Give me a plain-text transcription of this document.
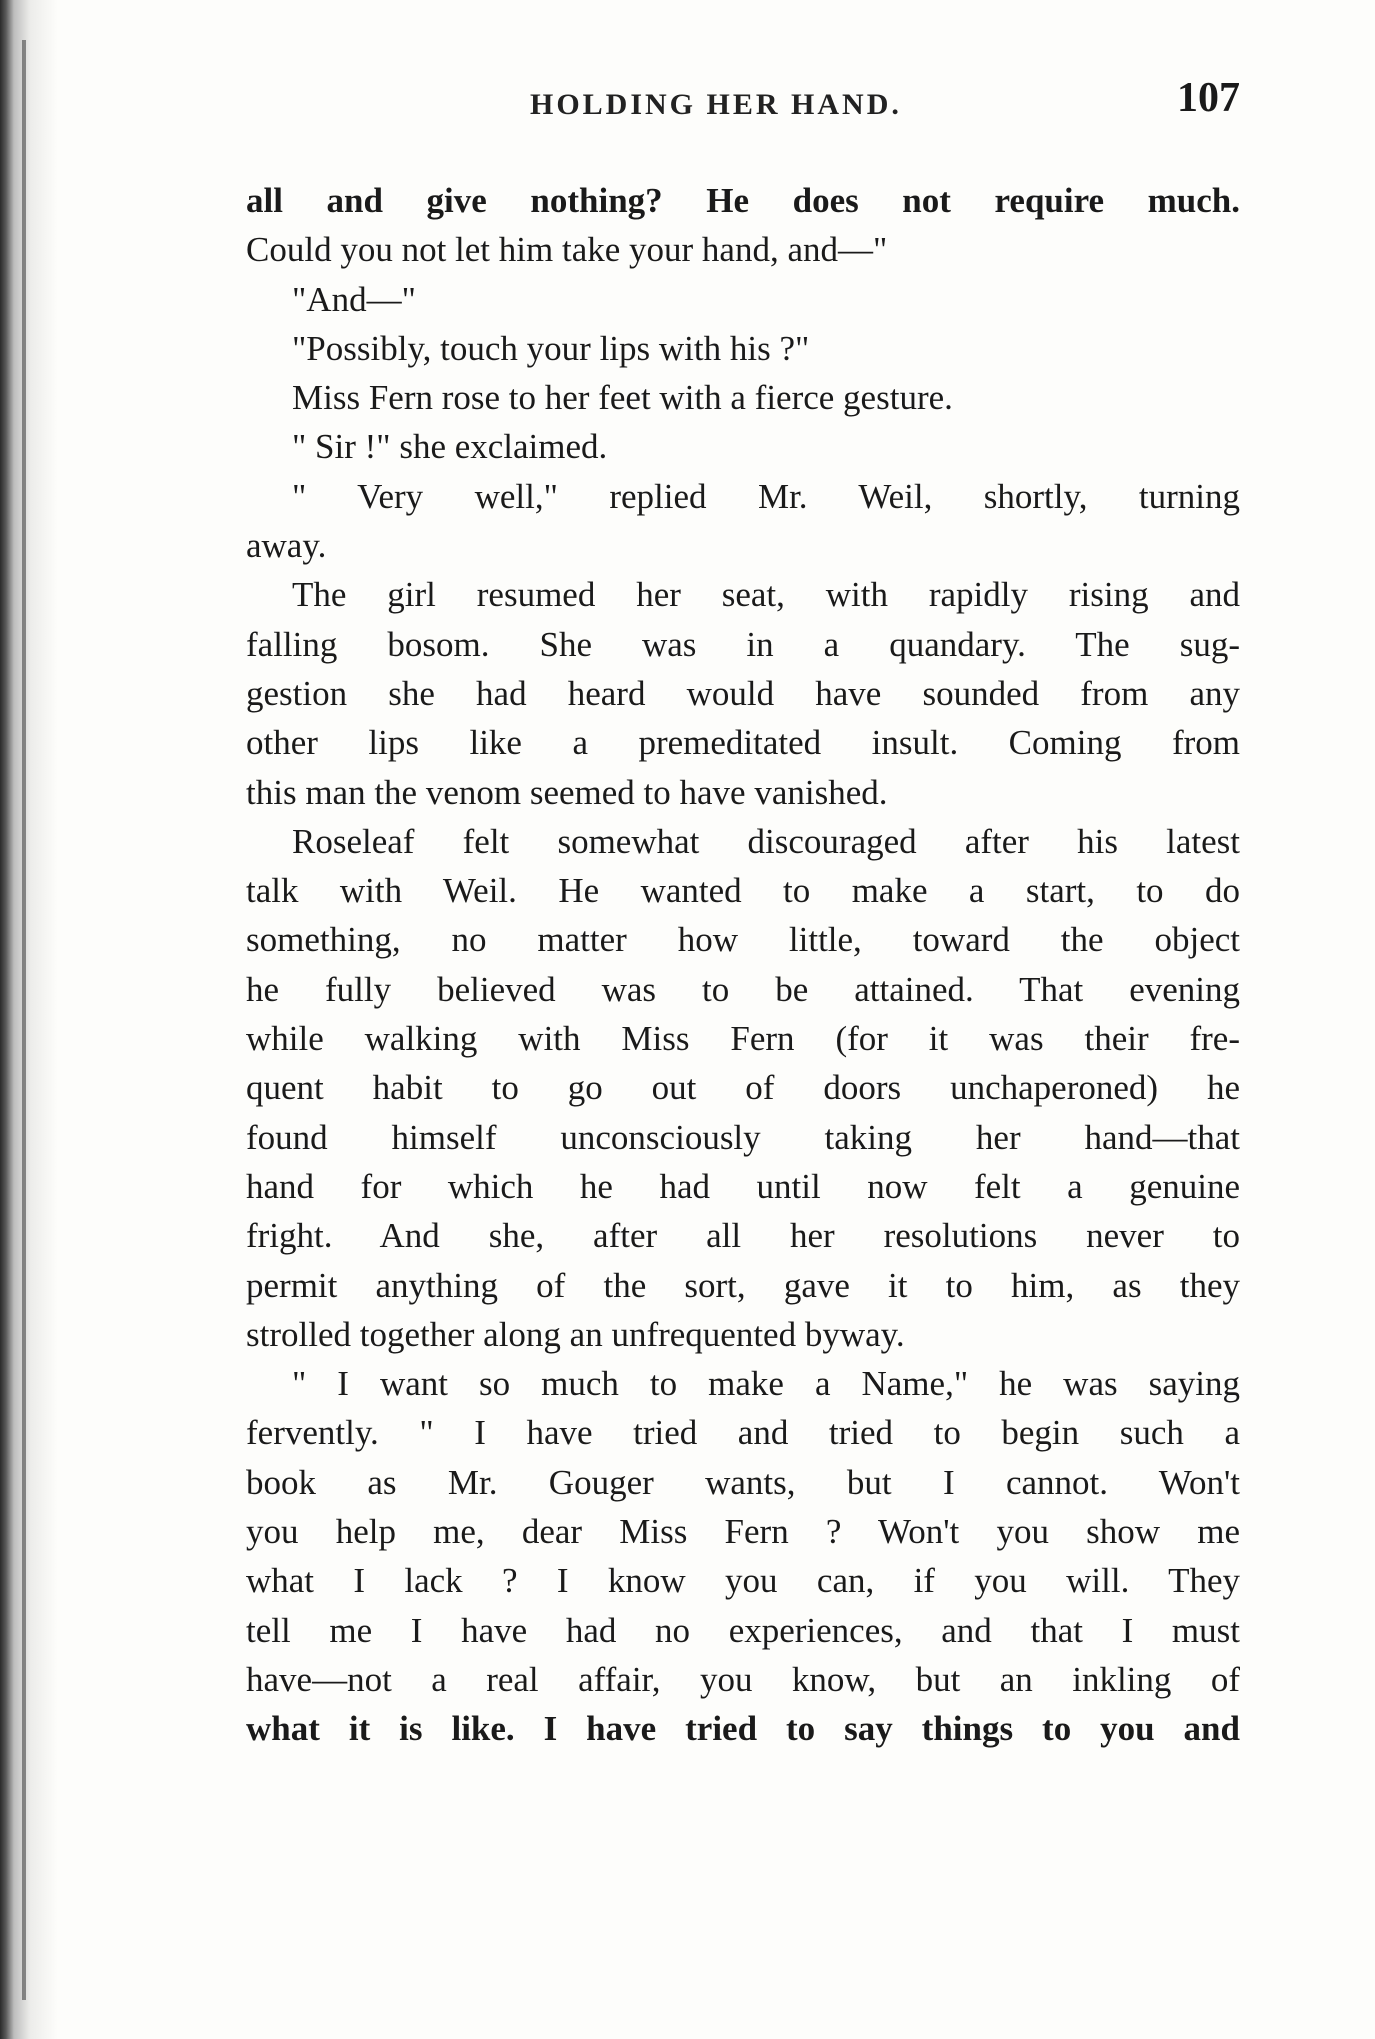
HOLDING HER HAND.	107
all and give nothing? He does not require much.
Could you not let him take your hand, and—"
"And—"
"Possibly, touch your lips with his ?"
Miss Fern rose to her feet with a fierce gesture.
" Sir !" she exclaimed.
" Very well," replied Mr. Weil, shortly, turning
away.
The girl resumed her seat, with rapidly rising and
falling bosom. She was in a quandary. The sug-
gestion she had heard would have sounded from any
other lips like a premeditated insult. Coming from
this man the venom seemed to have vanished.
Roseleaf felt somewhat discouraged after his latest
talk with Weil. He wanted to make a start, to do
something, no matter how little, toward the object
he fully believed was to be attained. That evening
while walking with Miss Fern (for it was their fre-
quent habit to go out of doors unchaperoned) he
found himself unconsciously taking her hand—that
hand for which he had until now felt a genuine
fright. And she, after all her resolutions never to
permit anything of the sort, gave it to him, as they
strolled together along an unfrequented byway.
" I want so much to make a Name," he was saying
fervently. " I have tried and tried to begin such a
book as Mr. Gouger wants, but I cannot. Won't
you help me, dear Miss Fern ? Won't you show me
what I lack ? I know you can, if you will. They
tell me I have had no experiences, and that I must
have—not a real affair, you know, but an inkling of
what it is like. I have tried to say things to you and
